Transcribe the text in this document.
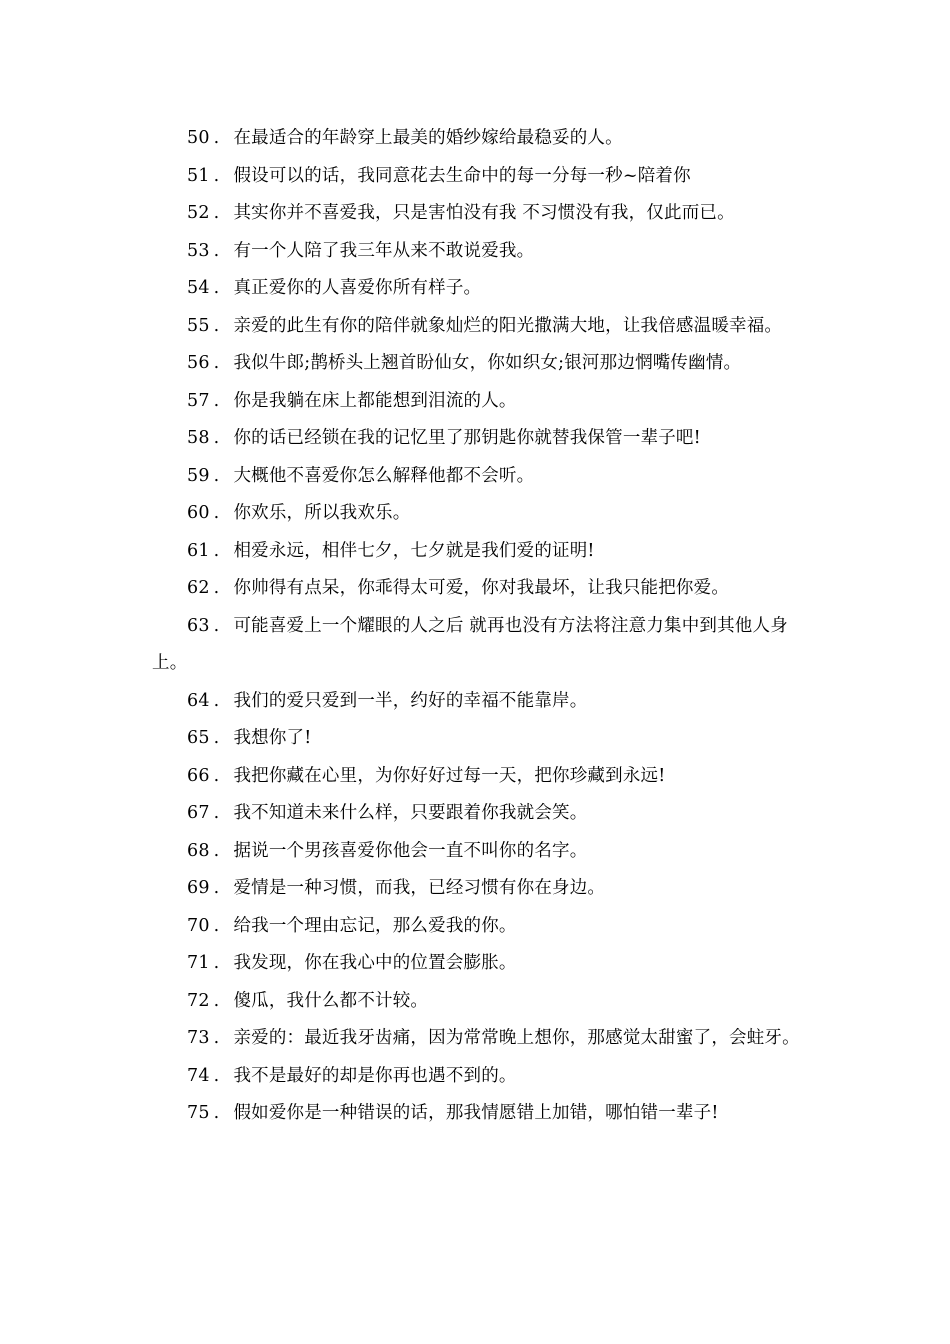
50 . 在最适合的年龄穿上最美的婚纱嫁给最稳妥的人。
51 . 假设可以的话，我同意花去生命中的每一分每一秒~陪着你
52 . 其实你并不喜爱我，只是害怕没有我 不习惯没有我，仅此而已。
53 . 有一个人陪了我三年从来不敢说爱我。
54 . 真正爱你的人喜爱你所有样子。
55 . 亲爱的此生有你的陪伴就象灿烂的阳光撒满大地，让我倍感温暖幸福。
56 . 我似牛郎;鹊桥头上翘首盼仙女，你如织女;银河那边惘嘴传幽情。
57 . 你是我躺在床上都能想到泪流的人。
58 . 你的话已经锁在我的记忆里了那钥匙你就替我保管一辈子吧!
59 . 大概他不喜爱你怎么解释他都不会听。
60 . 你欢乐，所以我欢乐。
61 . 相爱永远，相伴七夕，七夕就是我们爱的证明!
62 . 你帅得有点呆，你乖得太可爱，你对我最坏，让我只能把你爱。
63 . 可能喜爱上一个耀眼的人之后 就再也没有方法将注意力集中到其他人身上。
64 . 我们的爱只爱到一半，约好的幸福不能靠岸。
65 . 我想你了!
66 . 我把你藏在心里，为你好好过每一天，把你珍藏到永远!
67 . 我不知道未来什么样，只要跟着你我就会笑。
68 . 据说一个男孩喜爱你他会一直不叫你的名字。
69 . 爱情是一种习惯，而我，已经习惯有你在身边。
70 . 给我一个理由忘记，那么爱我的你。
71 . 我发现，你在我心中的位置会膨胀。
72 . 傻瓜，我什么都不计较。
73 . 亲爱的：最近我牙齿痛，因为常常晚上想你，那感觉太甜蜜了，会蛀牙。
74 . 我不是最好的却是你再也遇不到的。
75 . 假如爱你是一种错误的话，那我情愿错上加错，哪怕错一辈子!
